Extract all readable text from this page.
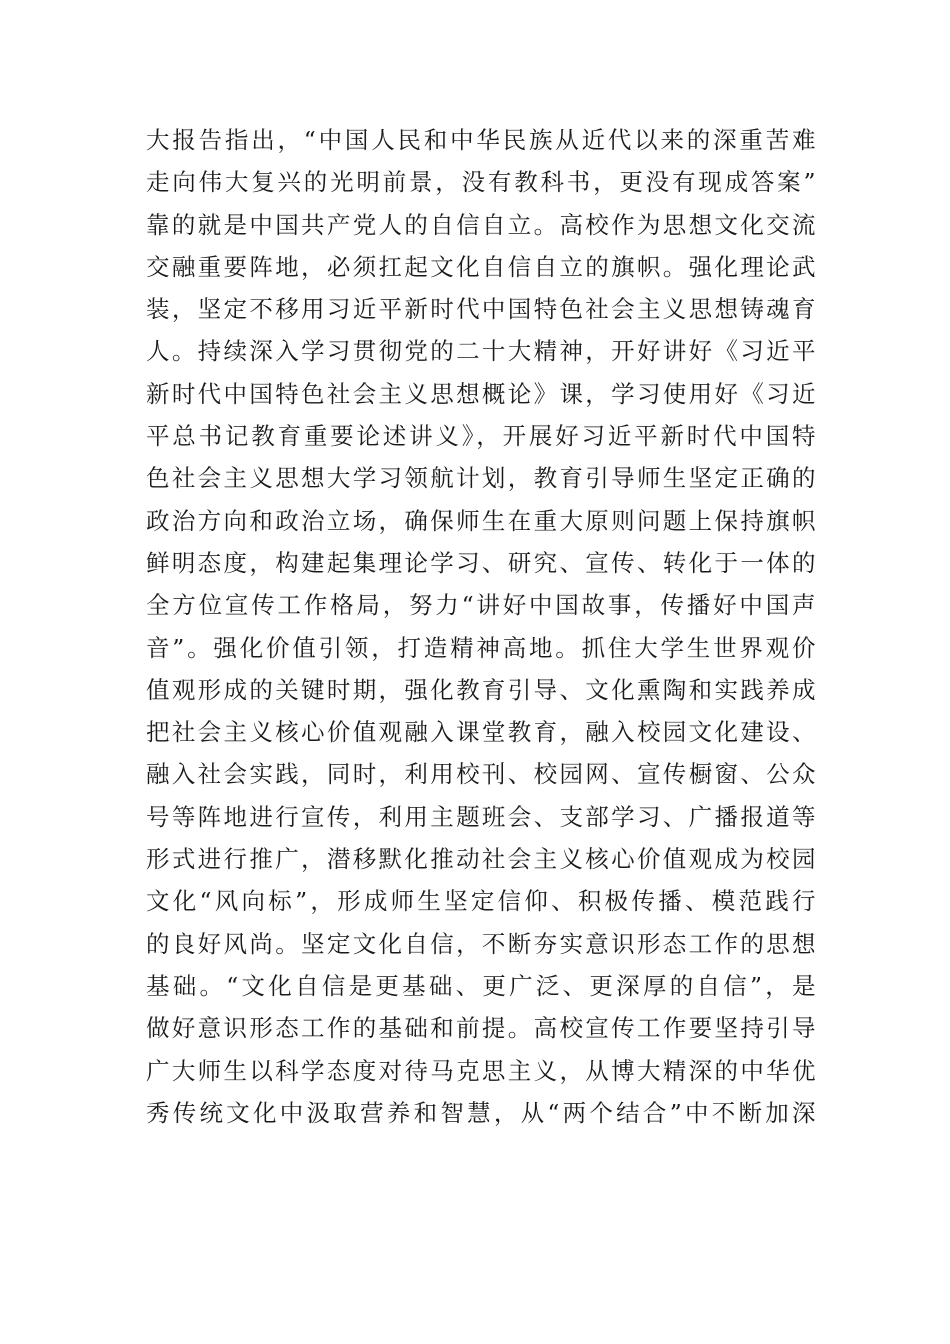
大报告指出，“中国人民和中华民族从近代以来的深重苦难
走向伟大复兴的光明前景，没有教科书，更没有现成答案”
靠的就是中国共产党人的自信自立。高校作为思想文化交流
交融重要阵地，必须扛起文化自信自立的旗帜。强化理论武
装，坚定不移用习近平新时代中国特色社会主义思想铸魂育
人。持续深入学习贯彻党的二十大精神，开好讲好《习近平
新时代中国特色社会主义思想概论》课，学习使用好《习近
平总书记教育重要论述讲义》，开展好习近平新时代中国特
色社会主义思想大学习领航计划，教育引导师生坚定正确的
政治方向和政治立场，确保师生在重大原则问题上保持旗帜
鲜明态度，构建起集理论学习、研究、宣传、转化于一体的
全方位宣传工作格局，努力“讲好中国故事，传播好中国声
音”。强化价值引领，打造精神高地。抓住大学生世界观价
值观形成的关键时期，强化教育引导、文化熏陶和实践养成
把社会主义核心价值观融入课堂教育，融入校园文化建设、
融入社会实践，同时，利用校刊、校园网、宣传橱窗、公众
号等阵地进行宣传，利用主题班会、支部学习、广播报道等
形式进行推广，潜移默化推动社会主义核心价值观成为校园
文化“风向标”，形成师生坚定信仰、积极传播、模范践行
的良好风尚。坚定文化自信，不断夯实意识形态工作的思想
基础。“文化自信是更基础、更广泛、更深厚的自信”，是
做好意识形态工作的基础和前提。高校宣传工作要坚持引导
广大师生以科学态度对待马克思主义，从博大精深的中华优
秀传统文化中汲取营养和智慧，从“两个结合”中不断加深
